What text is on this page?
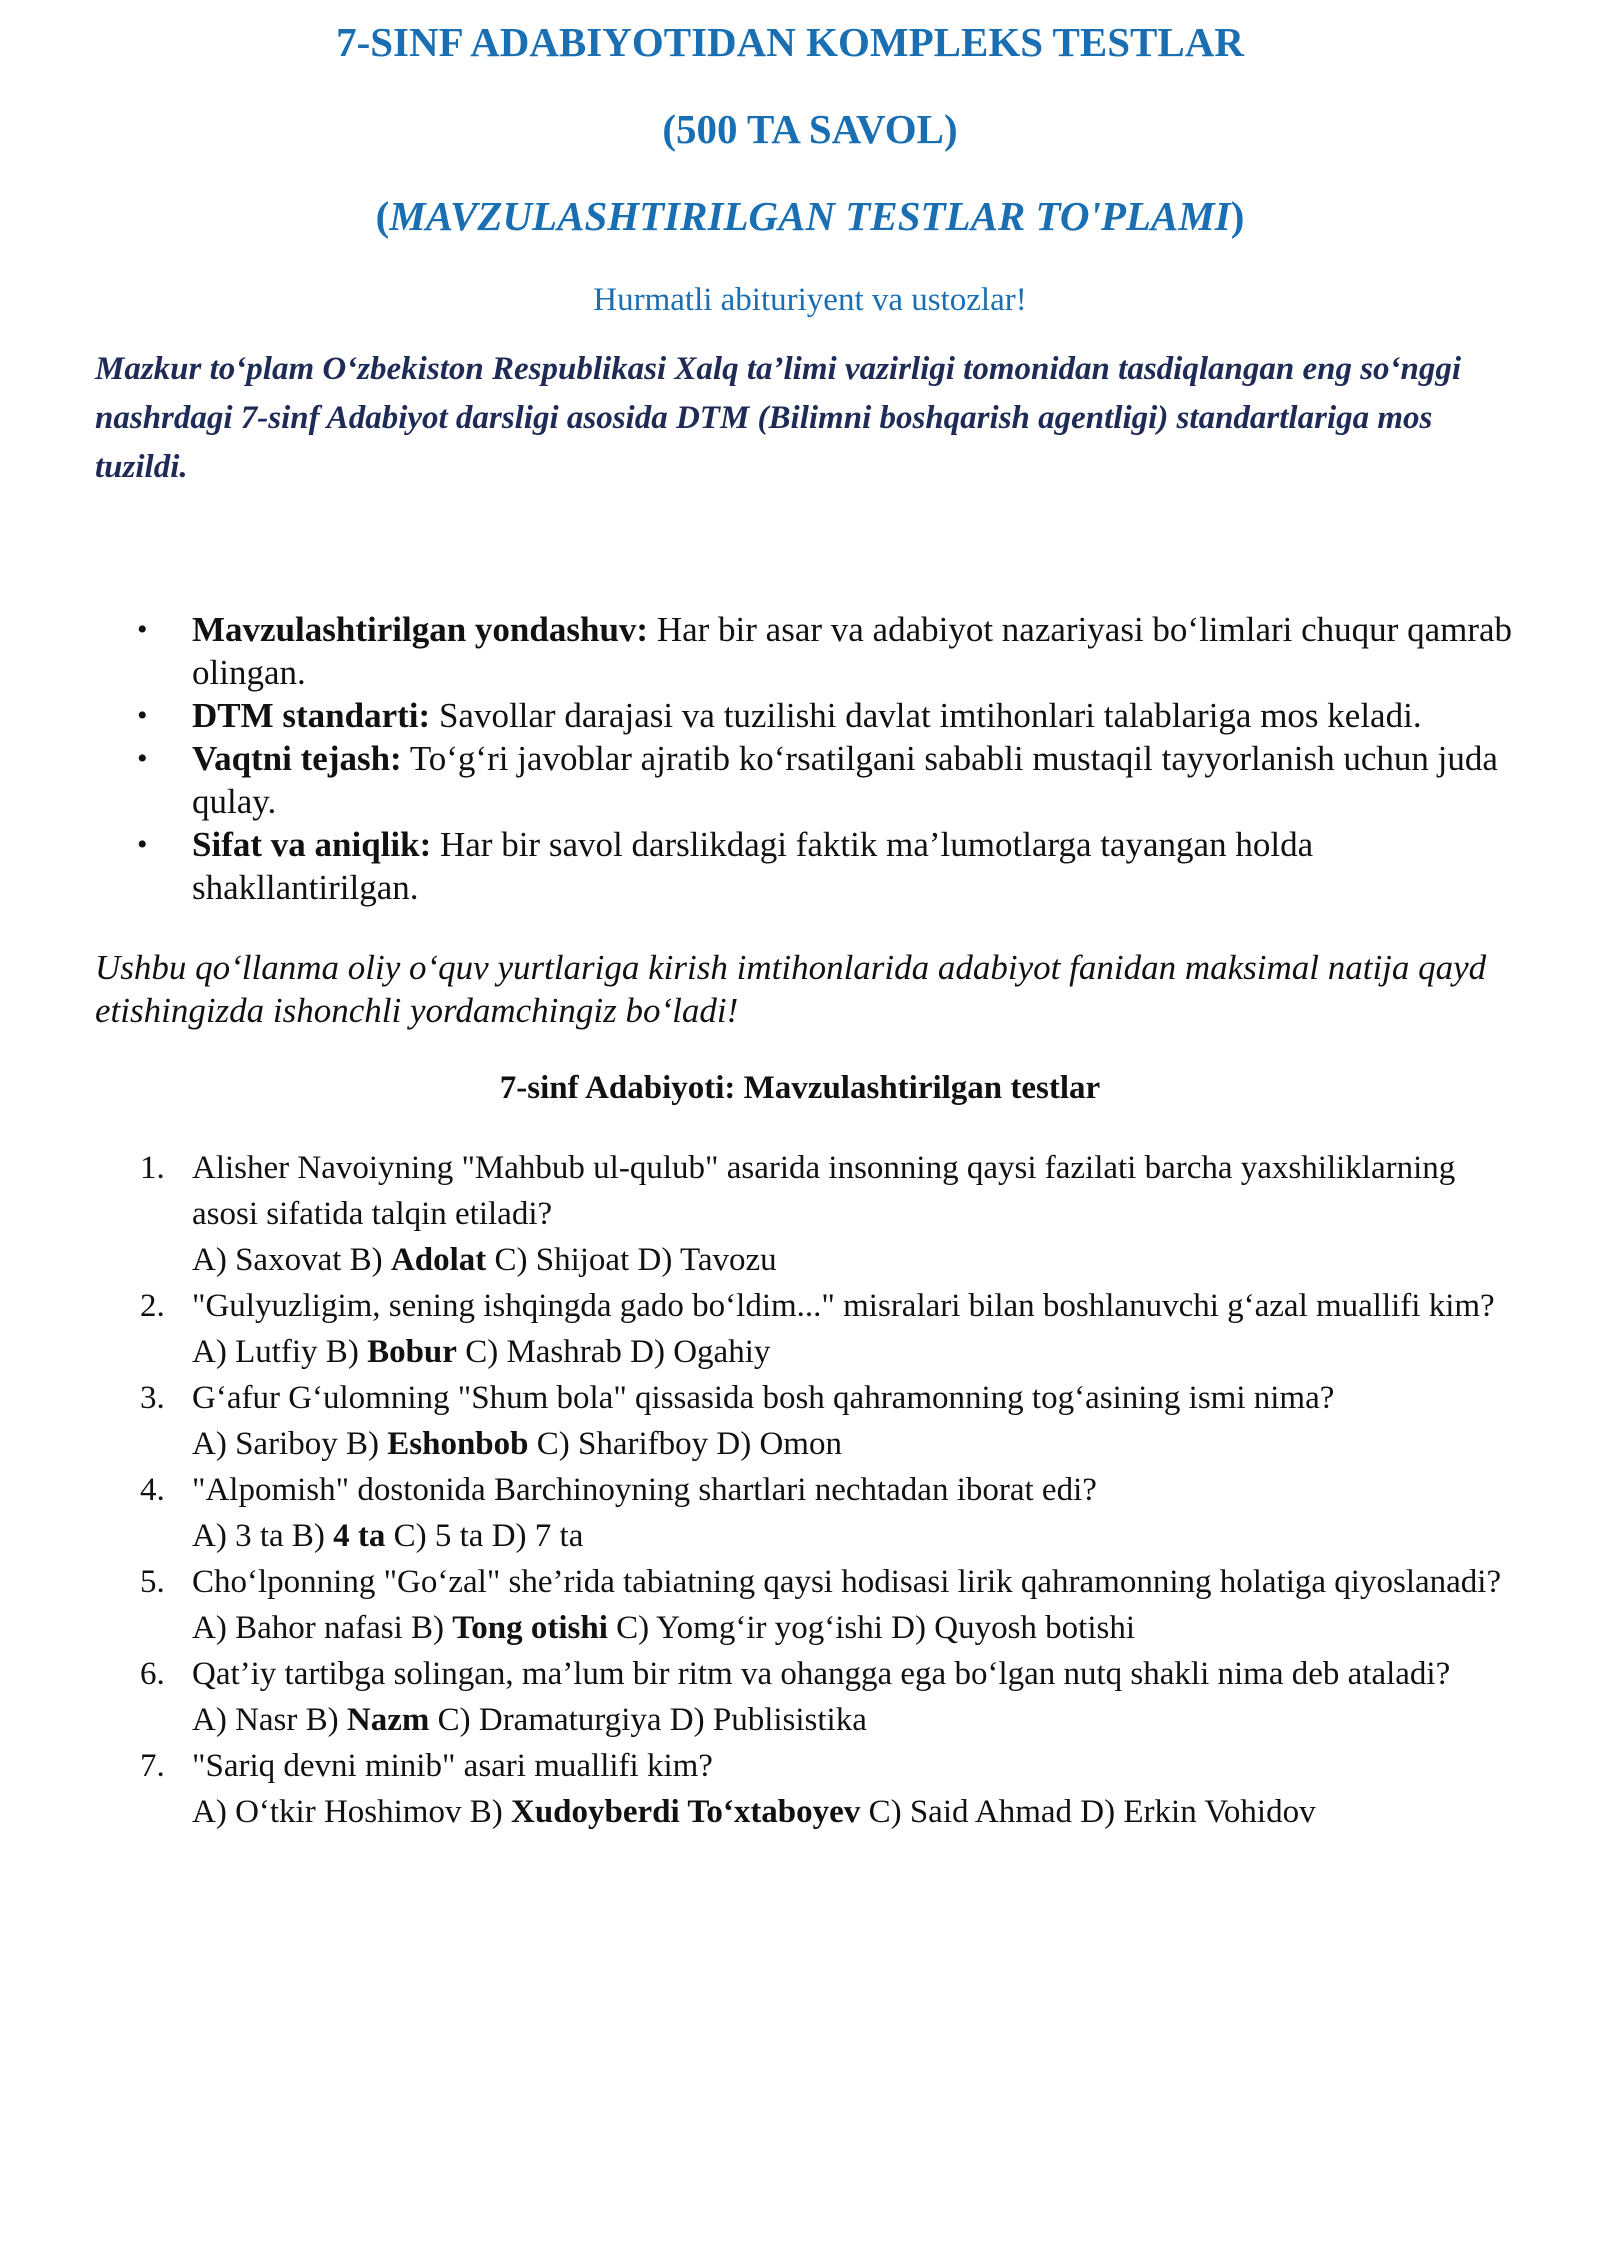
7-SINF ADABIYOTIDAN KOMPLEKS TESTLAR
(500 TA SAVOL)
(MAVZULASHTIRILGAN TESTLAR TO'PLAMI)
Hurmatli abituriyent va ustozlar!
Mazkur to‘plam O‘zbekiston Respublikasi Xalq ta’limi vazirligi tomonidan tasdiqlangan eng so‘nggi nashrdagi 7-sinf Adabiyot darsligi asosida DTM (Bilimni boshqarish agentligi) standartlariga mos tuzildi.
• Mavzulashtirilgan yondashuv: Har bir asar va adabiyot nazariyasi bo‘limlari chuqur qamrab olingan.
• DTM standarti: Savollar darajasi va tuzilishi davlat imtihonlari talablariga mos keladi.
• Vaqtni tejash: To‘g‘ri javoblar ajratib ko‘rsatilgani sababli mustaqil tayyorlanish uchun juda qulay.
• Sifat va aniqlik: Har bir savol darslikdagi faktik ma’lumotlarga tayangan holda shakllantirilgan.
Ushbu qo‘llanma oliy o‘quv yurtlariga kirish imtihonlarida adabiyot fanidan maksimal natija qayd etishingizda ishonchli yordamchingiz bo‘ladi!
7-sinf Adabiyoti: Mavzulashtirilgan testlar
1. Alisher Navoiyning "Mahbub ul-qulub" asarida insonning qaysi fazilati barcha yaxshiliklarning asosi sifatida talqin etiladi?
A) Saxovat B) Adolat C) Shijoat D) Tavozu
2. "Gulyuzligim, sening ishqingda gado bo‘ldim..." misralari bilan boshlanuvchi g‘azal muallifi kim?
A) Lutfiy B) Bobur C) Mashrab D) Ogahiy
3. G‘afur G‘ulomning "Shum bola" qissasida bosh qahramonning tog‘asining ismi nima?
A) Sariboy B) Eshonbob C) Sharifboy D) Omon
4. "Alpomish" dostonida Barchinoyning shartlari nechtadan iborat edi?
A) 3 ta B) 4 ta C) 5 ta D) 7 ta
5. Cho‘lponning "Go‘zal" she’rida tabiatning qaysi hodisasi lirik qahramonning holatiga qiyoslanadi?
A) Bahor nafasi B) Tong otishi C) Yomg‘ir yog‘ishi D) Quyosh botishi
6. Qat’iy tartibga solingan, ma’lum bir ritm va ohangga ega bo‘lgan nutq shakli nima deb ataladi?
A) Nasr B) Nazm C) Dramaturgiya D) Publisistika
7. "Sariq devni minib" asari muallifi kim?
A) O‘tkir Hoshimov B) Xudoyberdi To‘xtaboyev C) Said Ahmad D) Erkin Vohidov
